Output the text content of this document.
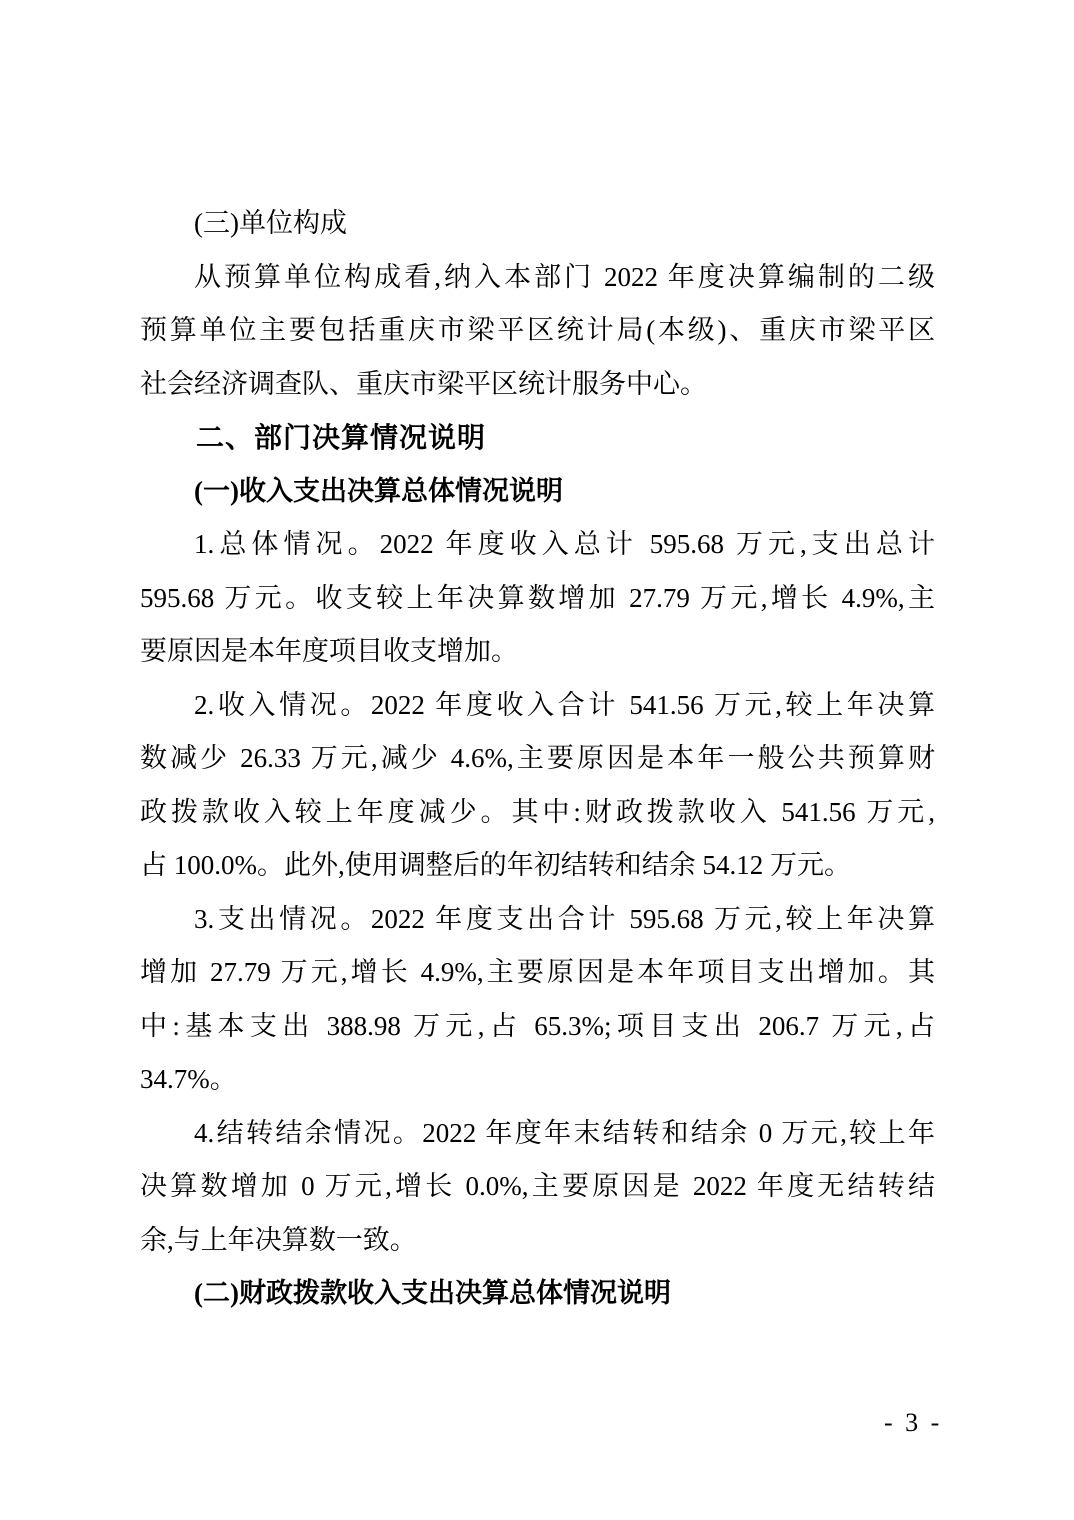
(三)单位构成
从预算单位构成看,纳入本部门 2022 年度决算编制的二级
预算单位主要包括重庆市梁平区统计局(本级)、重庆市梁平区
社会经济调查队、重庆市梁平区统计服务中心。
二、部门决算情况说明
(一)收入支出决算总体情况说明
1.总体情况。2022 年度收入总计 595.68 万元,支出总计
595.68 万元。收支较上年决算数增加 27.79 万元,增长 4.9%,主
要原因是本年度项目收支增加。
2.收入情况。2022 年度收入合计 541.56 万元,较上年决算
数减少 26.33 万元,减少 4.6%,主要原因是本年一般公共预算财
政拨款收入较上年度减少。其中:财政拨款收入 541.56 万元,
占 100.0%。此外,使用调整后的年初结转和结余 54.12 万元。
3.支出情况。2022 年度支出合计 595.68 万元,较上年决算
增加 27.79 万元,增长 4.9%,主要原因是本年项目支出增加。其
中:基本支出 388.98 万元,占 65.3%;项目支出 206.7 万元,占
34.7%。
4.结转结余情况。2022 年度年末结转和结余 0 万元,较上年
决算数增加 0 万元,增长 0.0%,主要原因是 2022 年度无结转结
余,与上年决算数一致。
(二)财政拨款收入支出决算总体情况说明
- 3 -
